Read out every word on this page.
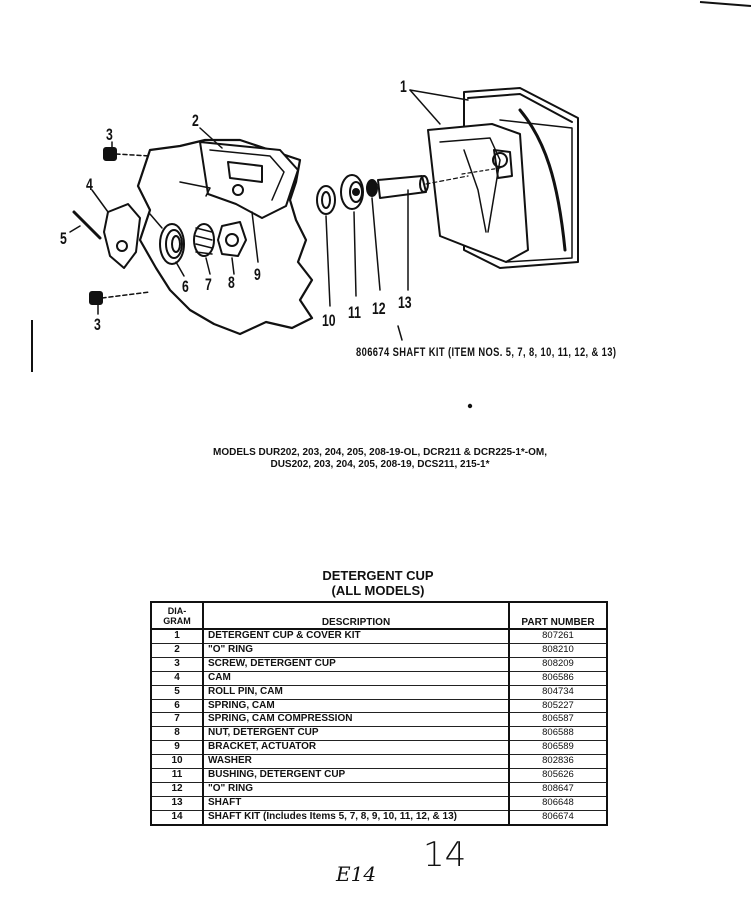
1
2
3
3
4
5
6 7 8 9
10 11 12 13
806674 SHAFT KIT (ITEM NOS. 5, 7, 8, 10, 11, 12, & 13)
MODELS DUR202, 203, 204, 205, 208-19-OL, DCR211 & DCR225-1*-OM,
DUS202, 203, 204, 205, 208-19, DCS211, 215-1*
DETERGENT CUP
(ALL MODELS)
DIA-
GRAM	DESCRIPTION	PART NUMBER
1	DETERGENT CUP & COVER KIT	807261
2	"O" RING	808210
3	SCREW, DETERGENT CUP	808209
4	CAM	806586
5	ROLL PIN, CAM	804734
6	SPRING, CAM	805227
7	SPRING, CAM COMPRESSION	806587
8	NUT, DETERGENT CUP	806588
9	BRACKET, ACTUATOR	806589
10	WASHER	802836
11	BUSHING, DETERGENT CUP	805626
12	"O" RING	808647
13	SHAFT	806648
14	SHAFT KIT (Includes Items 5, 7, 8, 9, 10, 11, 12, & 13)	806674
E14 14
